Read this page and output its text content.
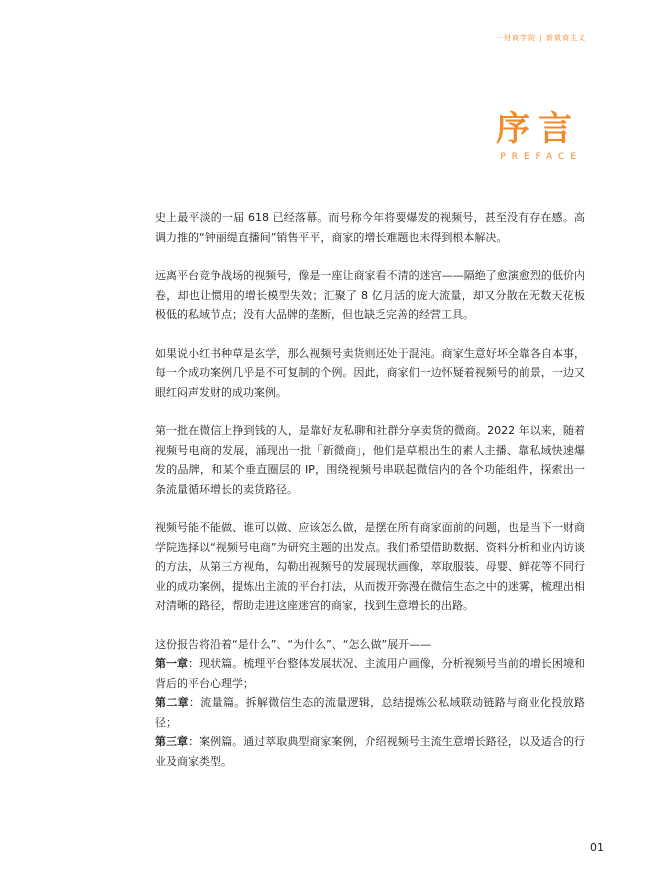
一财商学院 | 新微商主义
序言
PREFACE

史上最平淡的一届 618 已经落幕。而号称今年将要爆发的视频号，甚至没有存在感。高调力推的“钟丽缇直播间”销售平平，商家的增长难题也未得到根本解决。

远离平台竞争战场的视频号，像是一座让商家看不清的迷宫——隔绝了愈演愈烈的低价内卷，却也让惯用的增长模型失效；汇聚了 8 亿月活的庞大流量，却又分散在无数天花板极低的私域节点；没有大品牌的垄断，但也缺乏完善的经营工具。

如果说小红书种草是玄学，那么视频号卖货则还处于混沌。商家生意好坏全靠各自本事，每一个成功案例几乎是不可复制的个例。因此，商家们一边怀疑着视频号的前景，一边又眼红闷声发财的成功案例。

第一批在微信上挣到钱的人，是靠好友私聊和社群分享卖货的微商。2022 年以来，随着视频号电商的发展，涌现出一批「新微商」，他们是草根出生的素人主播、靠私域快速爆发的品牌，和某个垂直圈层的 IP，围绕视频号串联起微信内的各个功能组件，探索出一条流量循环增长的卖货路径。

视频号能不能做、谁可以做、应该怎么做，是摆在所有商家面前的问题，也是当下一财商学院选择以“视频号电商”为研究主题的出发点。我们希望借助数据、资料分析和业内访谈的方法，从第三方视角，勾勒出视频号的发展现状画像，萃取服装、母婴、鲜花等不同行业的成功案例，提炼出主流的平台打法，从而拨开弥漫在微信生态之中的迷雾，梳理出相对清晰的路径，帮助走进这座迷宫的商家，找到生意增长的出路。

这份报告将沿着“是什么”、“为什么”、“怎么做”展开——

第一章：现状篇。梳理平台整体发展状况、主流用户画像，分析视频号当前的增长困境和背后的平台心理学；

第二章：流量篇。拆解微信生态的流量逻辑，总结提炼公私域联动链路与商业化投放路径；

第三章：案例篇。通过萃取典型商家案例，介绍视频号主流生意增长路径，以及适合的行业及商家类型。

01
